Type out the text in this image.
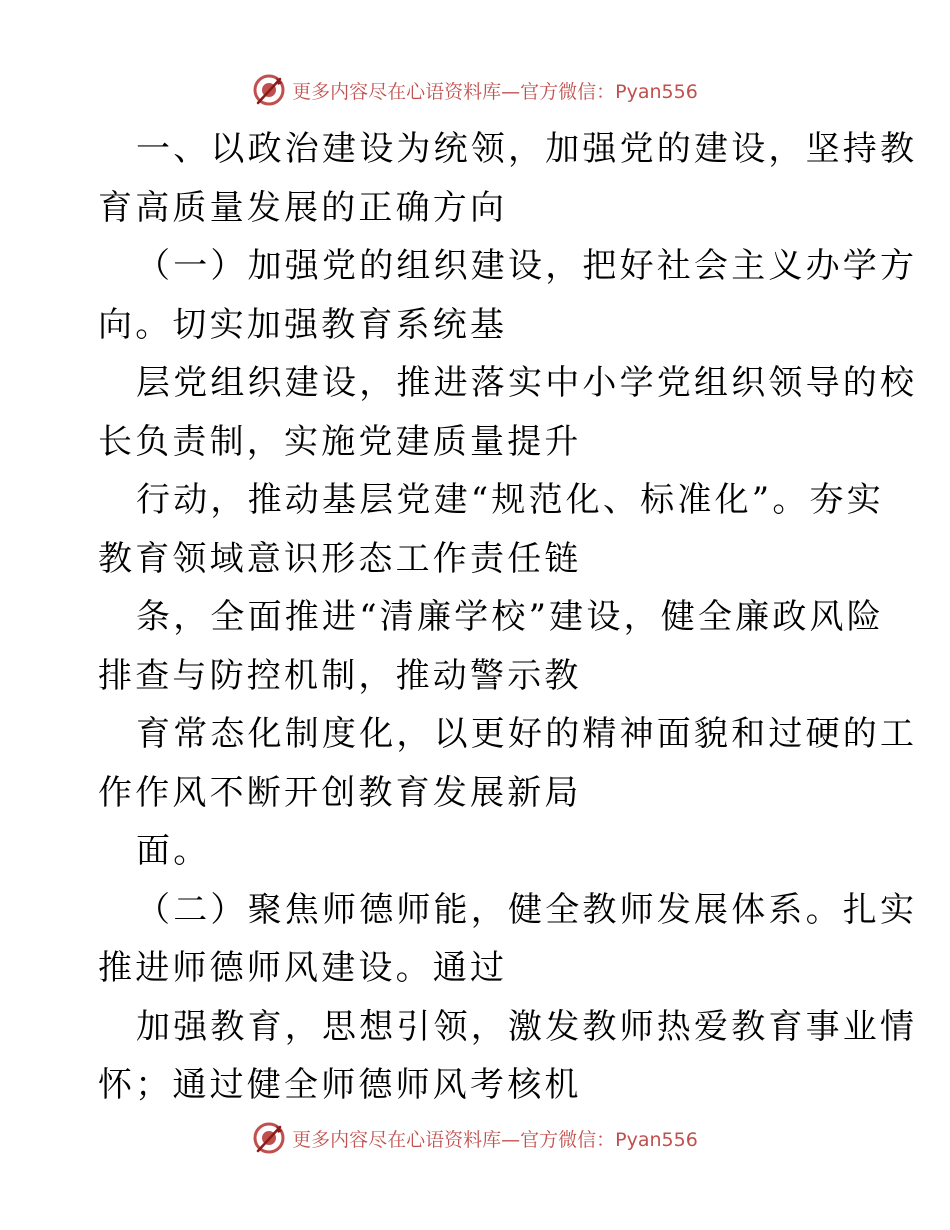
更多内容尽在心语资料库—官方微信：Pyan556
一、以政治建设为统领，加强党的建设，坚持教
育高质量发展的正确方向
（一）加强党的组织建设，把好社会主义办学方
向。切实加强教育系统基
层党组织建设，推进落实中小学党组织领导的校
长负责制，实施党建质量提升
行动，推动基层党建“规范化、标准化”。夯实
教育领域意识形态工作责任链
条，全面推进“清廉学校”建设，健全廉政风险
排查与防控机制，推动警示教
育常态化制度化，以更好的精神面貌和过硬的工
作作风不断开创教育发展新局
面。
（二）聚焦师德师能，健全教师发展体系。扎实
推进师德师风建设。通过
加强教育，思想引领，激发教师热爱教育事业情
怀；通过健全师德师风考核机
更多内容尽在心语资料库—官方微信：Pyan556
